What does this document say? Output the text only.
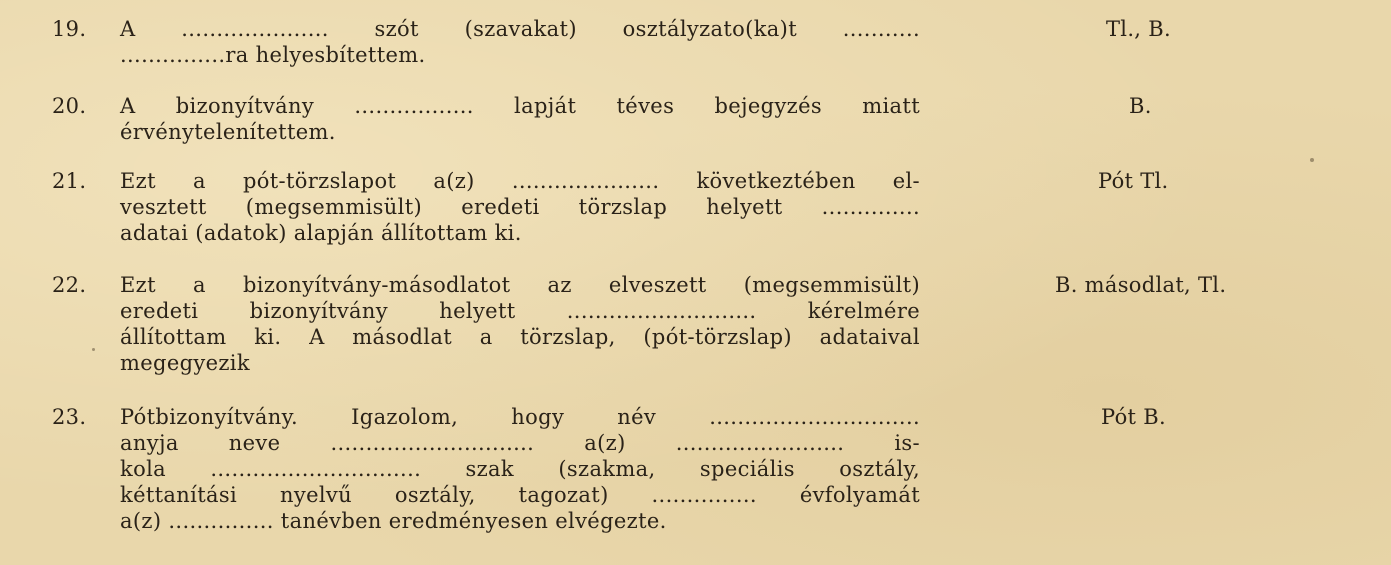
19. A ..................... szót (szavakat) osztályzato(ka)t ...........
...............ra helyesbítettem.
Tl., B.
20. A bizonyítvány ................. lapját téves bejegyzés miatt
érvénytelenítettem.
B.
21. Ezt a pót-törzslapot a(z) ..................... következtében el-
vesztett (megsemmisült) eredeti törzslap helyett ..............
adatai (adatok) alapján állítottam ki.
Pót Tl.
22. Ezt a bizonyítvány-másodlatot az elveszett (megsemmisült)
eredeti bizonyítvány helyett ........................... kérelmére
állítottam ki. A másodlat a törzslap, (pót-törzslap) adataival
megegyezik
B. másodlat, Tl.
23. Pótbizonyítvány. Igazolom, hogy név ..............................
anyja neve ............................. a(z) ........................ is-
kola .............................. szak (szakma, speciális osztály,
kéttanítási nyelvű osztály, tagozat) ............... évfolyamát
a(z) ............... tanévben eredményesen elvégezte.
Pót B.
